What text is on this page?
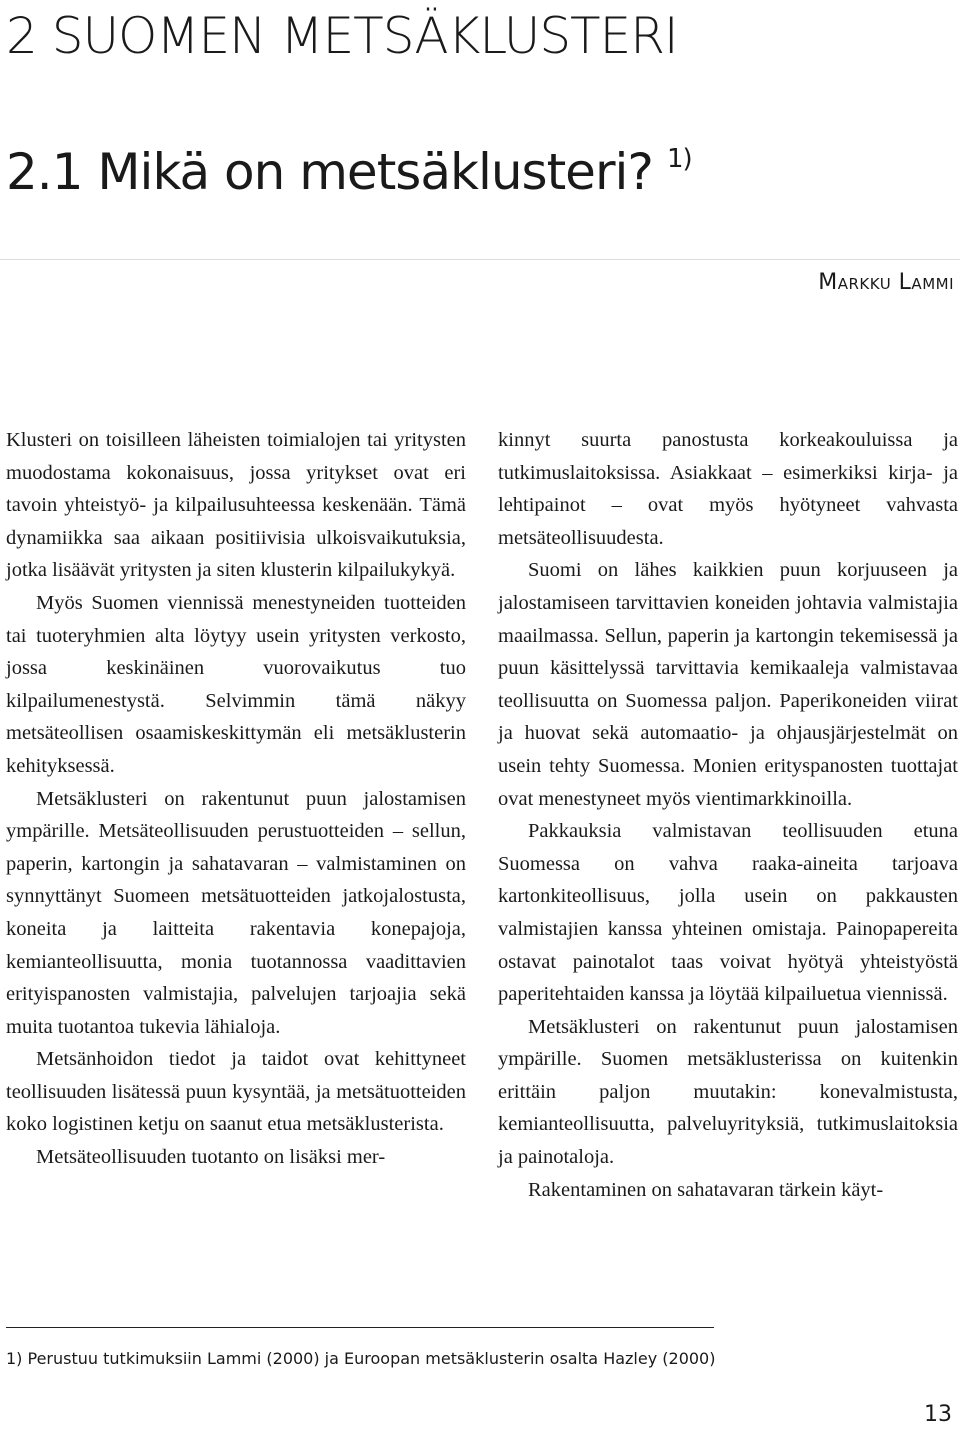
2 SUOMEN METSÄKLUSTERI
2.1 Mikä on metsäklusteri? $^{1)}$
Markku Lammi

Klusteri on toisilleen läheisten toimialojen tai yritysten muodostama kokonaisuus, jossa yritykset ovat eri tavoin yhteistyö- ja kilpailusuhteessa keskenään. Tämä dynamiikka saa aikaan positiivisia ulkoisvaikutuksia, jotka lisäävät yritysten ja siten klusterin kilpailukykyä.

Myös Suomen viennissä menestyneiden tuotteiden tai tuoteryhmien alta löytyy usein yritysten verkosto, jossa keskinäinen vuorovaikutus tuo kilpailumenestystä. Selvimmin tämä näkyy metsäteollisen osaamiskeskittymän eli metsäklusterin kehityksessä.

Metsäklusteri on rakentunut puun jalostamisen ympärille. Metsäteollisuuden perustuotteiden – sellun, paperin, kartongin ja sahatavaran – valmistaminen on synnyttänyt Suomeen metsätuotteiden jatkojalostusta, koneita ja laitteita rakentavia konepajoja, kemianteollisuutta, monia tuotannossa vaadittavien erityispanosten valmistajia, palvelujen tarjoajia sekä muita tuotantoa tukevia lähialoja.

Metsänhoidon tiedot ja taidot ovat kehittyneet teollisuuden lisätessä puun kysyntää, ja metsätuotteiden koko logistinen ketju on saanut etua metsäklusterista.

Metsäteollisuuden tuotanto on lisäksi mer-

kinnyt suurta panostusta korkeakouluissa ja tutkimuslaitoksissa. Asiakkaat – esimerkiksi kirja- ja lehtipainot – ovat myös hyötyneet vahvasta metsäteollisuudesta.

Suomi on lähes kaikkien puun korjuuseen ja jalostamiseen tarvittavien koneiden johtavia valmistajia maailmassa. Sellun, paperin ja kartongin tekemisessä ja puun käsittelyssä tarvittavia kemikaaleja valmistavaa teollisuutta on Suomessa paljon. Paperikoneiden viirat ja huovat sekä automaatio- ja ohjausjärjestelmät on usein tehty Suomessa. Monien erityspanosten tuottajat ovat menestyneet myös vientimarkkinoilla.

Pakkauksia valmistavan teollisuuden etuna Suomessa on vahva raaka-aineita tarjoava kartonkiteollisuus, jolla usein on pakkausten valmistajien kanssa yhteinen omistaja. Painopapereita ostavat painotalot taas voivat hyötyä yhteistyöstä paperitehtaiden kanssa ja löytää kilpailuetua viennissä.

Metsäklusteri on rakentunut puun jalostamisen ympärille. Suomen metsäklusterissa on kuitenkin erittäin paljon muutakin: konevalmistusta, kemianteollisuutta, palveluyrityksiä, tutkimuslaitoksia ja painotaloja.

Rakentaminen on sahatavaran tärkein käyt-

1) Perustuu tutkimuksiin Lammi (2000) ja Euroopan metsäklusterin osalta Hazley (2000)
13
